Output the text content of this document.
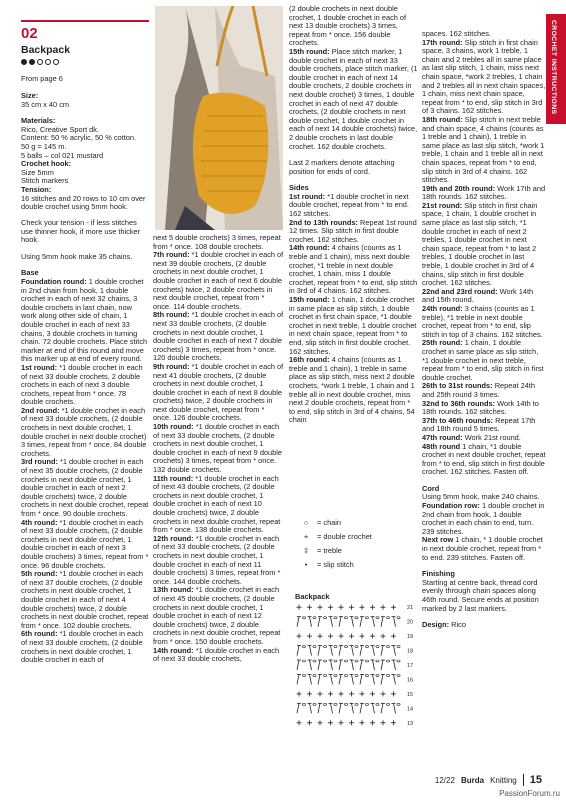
02
Backpack
From page 6	CROCHET INSTRUCTIONS
Size:

35 cm x 40 cm

Materials:
Rico, Creative Sport dk.
Content: 50 % acrylic, 50 % cotton.
50 g = 145 m.
5 balls – col 021 mustard
Crochet hook:
Size 5mm
Stitch markers
Tension:
16 stitches and 20 rows to 10 cm over double crochet using 5mm hook.

Check your tension - if less stitches use thinner hook, if more use thicker hook.

Using 5mm hook make 35 chains.

Base
Foundation round: 1 double crochet in 2nd chain from hook, 1 double crochet in each of next 32 chains, 3 double crochets in last chain, now work along other side of chain, 1 double crochet in each of next 33 chains, 3 double crochets in turning chain. 72 double crochets. Place stitch marker at end of this round and move this marker up at end of every round.
1st round: *1 double crochet in each of next 33 double crochets, 2 double crochets in each of next 3 double crochets, repeat from * once. 78 double crochets.
2nd round: *1 double crochet in each of next 33 double crochets, (2 double crochets in next double crochet, 1 double crochet in next double crochet) 3 times, repeat from * once. 84 double crochets.
3rd round: *1 double crochet in each of next 35 double crochets, (2 double crochets in next double crochet, 1 double crochet in each of next 2 double crochets) twice, 2 double crochets in next double crochet, repeat from * once. 90 double crochets.
4th round: *1 double crochet in each of next 33 double crochets, (2 double crochets in next double crochet, 1 double crochet in each of next 3 double crochets) 3 times, repeat from * once. 96 double crochets.
5th round: *1 double crochet in each of next 37 double crochets, (2 double crochets in next double crochet, 1 double crochet in each of next 4 double crochets) twice, 2 double crochets in next double crochet, repeat from * once. 102 double crochets.
6th round: *1 double crochet in each of next 33 double crochets, (2 double crochets in next double crochet, 1 double crochet in each of
next 5 double crochets) 3 times, repeat from * once. 108 double crochets.
7th round: *1 double crochet in each of next 39 double crochets, (2 double crochets in next double crochet, 1 double crochet in each of next 6 double crochets) twice, 2 double crochets in next double crochet, repeat from * once. 114 double crochets.
8th round: *1 double crochet in each of next 33 double crochets, (2 double crochets in next double crochet, 1 double crochet in each of next 7 double crochets) 3 times, repeat from * once. 120 double crochets.
9th round: *1 double crochet in each of next 41 double crochets, (2 double crochets in next double crochet, 1 double crochet in each of next 8 double crochets) twice, 2 double crochets in next double crochet, repeat from * once. 126 double crochets.
10th round: *1 double crochet in each of next 33 double crochets, (2 double crochets in next double crochet, 1 double crochet in each of next 9 double crochets) 3 times, repeat from * once. 132 double crochets.
11th round: *1 double crochet in each of next 43 double crochets, (2 double crochets in next double crochet, 1 double crochet in each of next 10 double crochets) twice, 2 double crochets in next double crochet, repeat from * once. 138 double crochets.
12th round: *1 double crochet in each of next 33 double crochets, (2 double crochets in next double crochet, 1 double crochet in each of next 11 double crochets) 3 times, repeat from * once. 144 double crochets.
13th round: *1 double crochet in each of next 45 double crochets, (2 double crochets in next double crochet, 1 double crochet in each of next 12 double crochets) twice, 2 double crochets in next double crochet, repeat from * once. 150 double crochets.
14th round: *1 double crochet in each of next 33 double crochets,
(2 double crochets in next double crochet, 1 double crochet in each of next 13 double crochets) 3 times, repeat from * once. 156 double crochets.

15th round: Place stitch marker, 1 double crochet in each of next 33 double crochets, place stitch marker, (1 double crochet in each of next 14 double crochets, 2 double crochets in next double crochet) 3 times, 1 double crochet in each of next 47 double crochets, (2 double crochets in next double crochet, 1 double crochet in each of next 14 double crochets) twice, 2 double crochets in last double crochet. 162 double crochets.

Last 2 markers denote attaching position for ends of cord.

Sides
1st round: *1 double crochet in next double crochet, repeat from * to end. 162 stitches.
2nd to 13th rounds: Repeat 1st round 12 times. Slip stitch in first double crochet. 162 stitches.
14th round: 4 chains (counts as 1 treble and 1 chain), miss next double crochet, *1 treble in next double crochet, 1 chain, miss 1 double crochet, repeat from * to end, slip stitch in 3rd of 4 chains. 162 stitches.
15th round: 1 chain, 1 double crochet in same place as slip stitch, 1 double crochet in first chain space, *1 double crochet in next treble, 1 double crochet in next chain space, repeat from * to end, slip stitch in first double crochet. 162 stitches.
16th round: 4 chains (counts as 1 treble and 1 chain), 1 treble in same place as slip stitch, miss next 2 double crochets, *work 1 treble, 1 chain and 1 treble all in next double crochet, miss next 2 double crochets, repeat from * to end, slip stitch in 3rd of 4 chains, 54 chain
○	= chain
+	= double crochet
‡	= treble
•	= slip stitch
Backpack
21
20
19
18
17
16
15
14
13
spaces. 162 stitches.
17th round: Slip stitch in first chain space, 3 chains, work 1 treble, 1 chain and 2 trebles all in same place as last slip stitch, 1 chain, miss next chain space, *work 2 trebles, 1 chain and 2 trebles all in next chain spaces, 1 chain, miss next chain space, repeat from * to end, slip stitch in 3rd of 3 chains. 162 stitches.
18th round: Slip stitch in next treble and chain space, 4 chains (counts as 1 treble and 1 chain), 1 treble in same place as last slip stitch, *work 1 treble, 1 chain and 1 treble all in next chain spaces, repeat from * to end, slip stitch in 3rd of 4 chains. 162 stitches.
19th and 20th round: Work 17th and 18th rounds. 162 stitches.
21st round: Slip stitch in first chain space, 1 chain, 1 double crochet in same place as last slip stitch, *1 double crochet in each of next 2 trebles, 1 double crochet in next chain space, repeat from * to last 2 trebles, 1 double crochet in last treble, 1 double crochet in 3rd of 4 chains, slip stitch in first double crochet. 162 stitches.
22nd and 23rd round: Work 14th and 15th round.
24th round: 3 chains (counts as 1 treble), *1 treble in next double crochet, repeat from * to end, slip stitch in top of 3 chains. 162 stitches.
25th round: 1 chain, 1 double crochet in same place as slip stitch, *1 double crochet in next treble, repeat from * to end, slip stitch in first double crochet.
26th to 31st rounds: Repeat 24th and 25th round 3 times.
32nd to 36th rounds: Work 14th to 18th rounds. 162 stitches.
37th to 46th rounds: Repeat 17th and 18th round 5 times.
47th round: Work 21st round.

48th round 1 chain, *1 double crochet in next double crochet, repeat from * to end, slip stitch in first double crochet. 162 stitches. Fasten off.

Cord
Using 5mm hook, make 240 chains.
Foundation row: 1 double crochet in 2nd chain from hook, 1 double crochet in each chain to end, turn. 239 stitches.

Next row 1 chain, * 1 double crochet in next double crochet, repeat from * to end. 239 stitches. Fasten off.

Finishing

Starting at centre back, thread cord evenly through chain spaces along 46th round. Secure ends at position marked by 2 last markers.

Design: Rico
12/22 Burda Knitting	15
PassionForum.ru
